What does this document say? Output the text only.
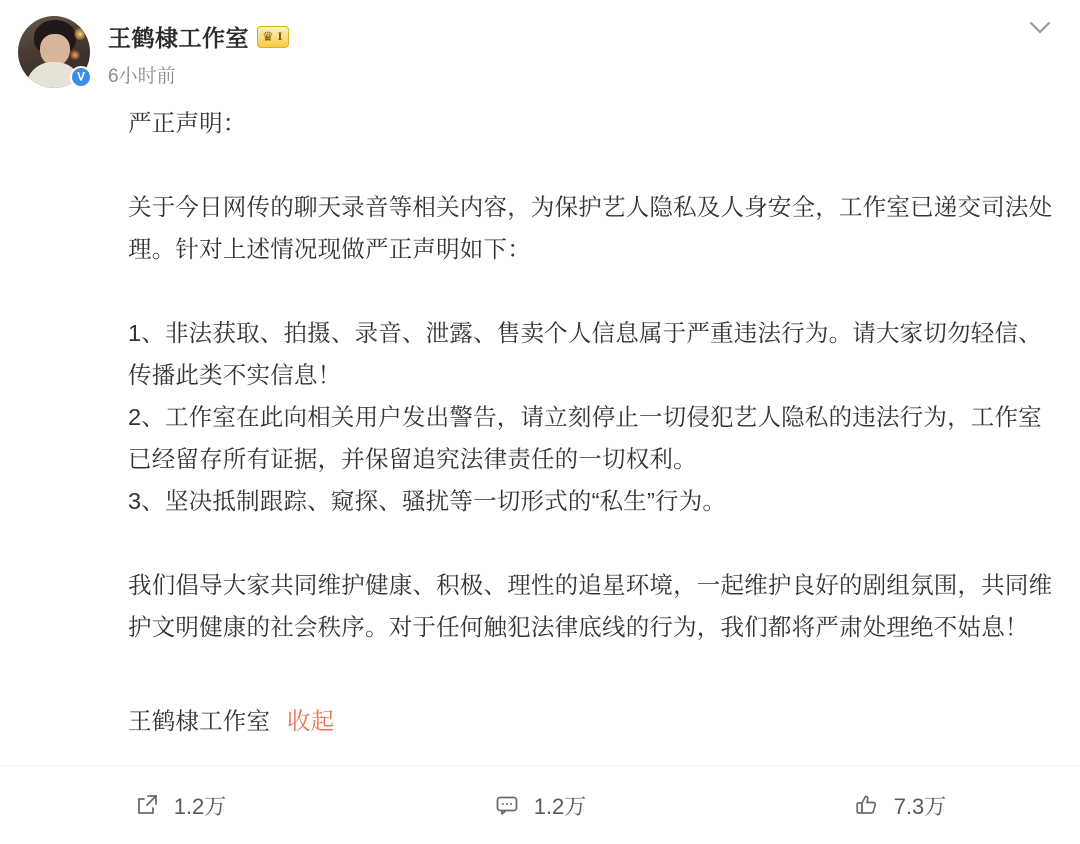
V
王鹤棣工作室 ♛ I
6小时前

严正声明：

关于今日网传的聊天录音等相关内容，为保护艺人隐私及人身安全，工作室已递交司法处理。针对上述情况现做严正声明如下：

1、非法获取、拍摄、录音、泄露、售卖个人信息属于严重违法行为。请大家切勿轻信、传播此类不实信息！

2、工作室在此向相关用户发出警告，请立刻停止一切侵犯艺人隐私的违法行为，工作室已经留存所有证据，并保留追究法律责任的一切权利。

3、坚决抵制跟踪、窥探、骚扰等一切形式的“私生”行为。

我们倡导大家共同维护健康、积极、理性的追星环境，一起维护良好的剧组氛围，共同维护文明健康的社会秩序。对于任何触犯法律底线的行为，我们都将严肃处理绝不姑息！

王鹤棣工作室 收起
1.2万	1.2万	7.3万
